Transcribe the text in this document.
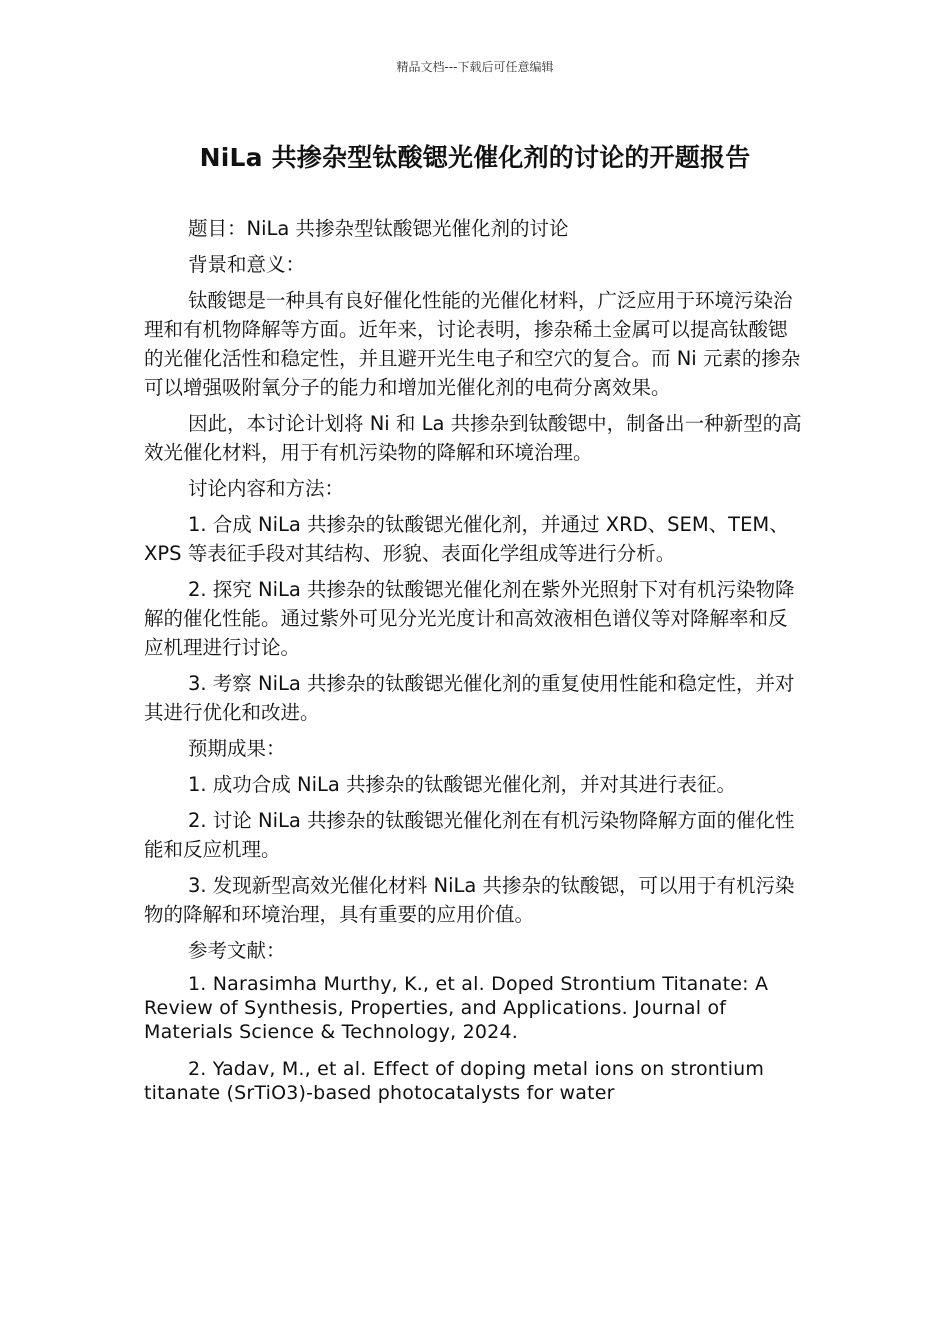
精品文档---下载后可任意编辑
NiLa 共掺杂型钛酸锶光催化剂的讨论的开题报告

题目：NiLa 共掺杂型钛酸锶光催化剂的讨论

背景和意义：

钛酸锶是一种具有良好催化性能的光催化材料，广泛应用于环境污染治理和有机物降解等方面。近年来，讨论表明，掺杂稀土金属可以提高钛酸锶的光催化活性和稳定性，并且避开光生电子和空穴的复合。而 Ni 元素的掺杂可以增强吸附氧分子的能力和增加光催化剂的电荷分离效果。

因此，本讨论计划将 Ni 和 La 共掺杂到钛酸锶中，制备出一种新型的高效光催化材料，用于有机污染物的降解和环境治理。

讨论内容和方法：

1. 合成 NiLa 共掺杂的钛酸锶光催化剂，并通过 XRD、SEM、TEM、XPS 等表征手段对其结构、形貌、表面化学组成等进行分析。

2. 探究 NiLa 共掺杂的钛酸锶光催化剂在紫外光照射下对有机污染物降解的催化性能。通过紫外可见分光光度计和高效液相色谱仪等对降解率和反应机理进行讨论。

3. 考察 NiLa 共掺杂的钛酸锶光催化剂的重复使用性能和稳定性，并对其进行优化和改进。

预期成果：

1. 成功合成 NiLa 共掺杂的钛酸锶光催化剂，并对其进行表征。

2. 讨论 NiLa 共掺杂的钛酸锶光催化剂在有机污染物降解方面的催化性能和反应机理。

3. 发现新型高效光催化材料 NiLa 共掺杂的钛酸锶，可以用于有机污染物的降解和环境治理，具有重要的应用价值。

参考文献：

1. Narasimha Murthy, K., et al. Doped Strontium Titanate: A Review of Synthesis, Properties, and Applications. Journal of Materials Science & Technology, 2024.

2. Yadav, M., et al. Effect of doping metal ions on strontium titanate (SrTiO3)-based photocatalysts for water
